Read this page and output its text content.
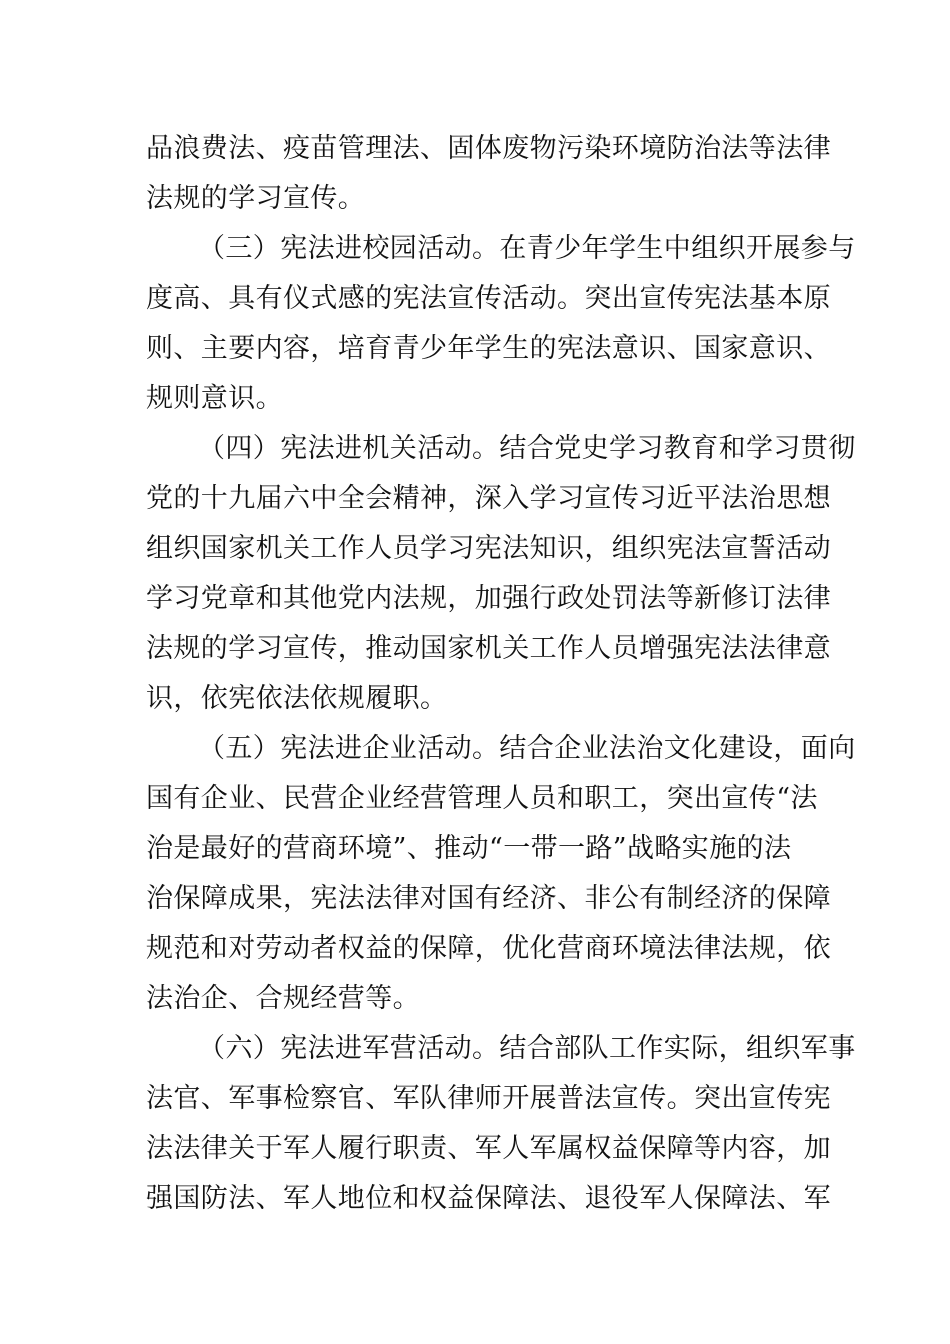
品浪费法、疫苗管理法、固体废物污染环境防治法等法律
法规的学习宣传。
（三）宪法进校园活动。在青少年学生中组织开展参与
度高、具有仪式感的宪法宣传活动。突出宣传宪法基本原
则、主要内容，培育青少年学生的宪法意识、国家意识、
规则意识。
（四）宪法进机关活动。结合党史学习教育和学习贯彻
党的十九届六中全会精神，深入学习宣传习近平法治思想
组织国家机关工作人员学习宪法知识，组织宪法宣誓活动
学习党章和其他党内法规，加强行政处罚法等新修订法律
法规的学习宣传，推动国家机关工作人员增强宪法法律意
识，依宪依法依规履职。
（五）宪法进企业活动。结合企业法治文化建设，面向
国有企业、民营企业经营管理人员和职工，突出宣传“法
治是最好的营商环境”、推动“一带一路”战略实施的法
治保障成果，宪法法律对国有经济、非公有制经济的保障
规范和对劳动者权益的保障，优化营商环境法律法规，依
法治企、合规经营等。
（六）宪法进军营活动。结合部队工作实际，组织军事
法官、军事检察官、军队律师开展普法宣传。突出宣传宪
法法律关于军人履行职责、军人军属权益保障等内容，加
强国防法、军人地位和权益保障法、退役军人保障法、军
